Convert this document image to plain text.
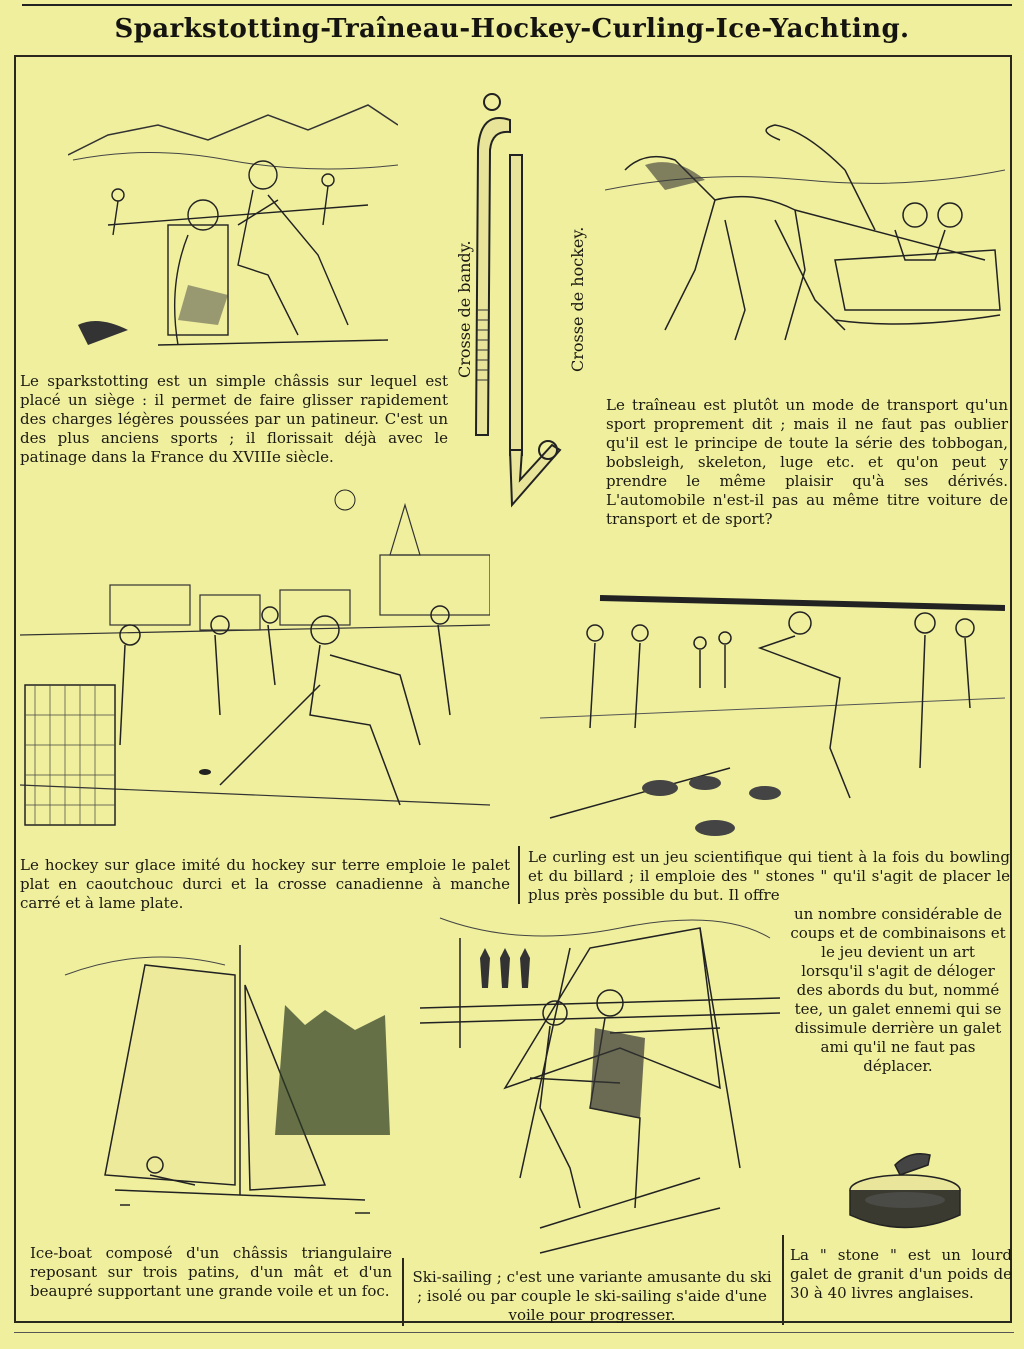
Sparkstotting-Traîneau-Hockey-Curling-Ice-Yachting.
Crosse de bandy.	Crosse de hockey.
Le sparkstotting est un simple châssis sur lequel est placé un siège : il permet de faire glisser rapidement des charges légères poussées par un patineur. C'est un des plus anciens sports ; il florissait déjà avec le patinage dans la France du XVIIIe siècle.
Le traîneau est plutôt un mode de transport qu'un sport proprement dit ; mais il ne faut pas oublier qu'il est le principe de toute la série des tobbogan, bobsleigh, skeleton, luge etc. et qu'on peut y prendre le même plaisir qu'à ses dérivés. L'automobile n'est-il pas au même titre voiture de transport et de sport?
Le hockey sur glace imité du hockey sur terre emploie le palet plat en caoutchouc durci et la crosse canadienne à manche carré et à lame plate.
Le curling est un jeu scientifique qui tient à la fois du bowling et du billard ; il emploie des " stones " qu'il s'agit de placer le plus près possible du but. Il offre
un nombre considérable de coups et de combinaisons et le jeu devient un art lorsqu'il s'agit de déloger des abords du but, nommé tee, un galet ennemi qui se dissimule derrière un galet ami qu'il ne faut pas déplacer.
Ice-boat composé d'un châssis triangulaire reposant sur trois patins, d'un mât et d'un beaupré supportant une grande voile et un foc.
Ski-sailing ; c'est une variante amusante du ski ; isolé ou par couple le ski-sailing s'aide d'une voile pour progresser.
La " stone " est un lourd galet de granit d'un poids de 30 à 40 livres anglaises.
